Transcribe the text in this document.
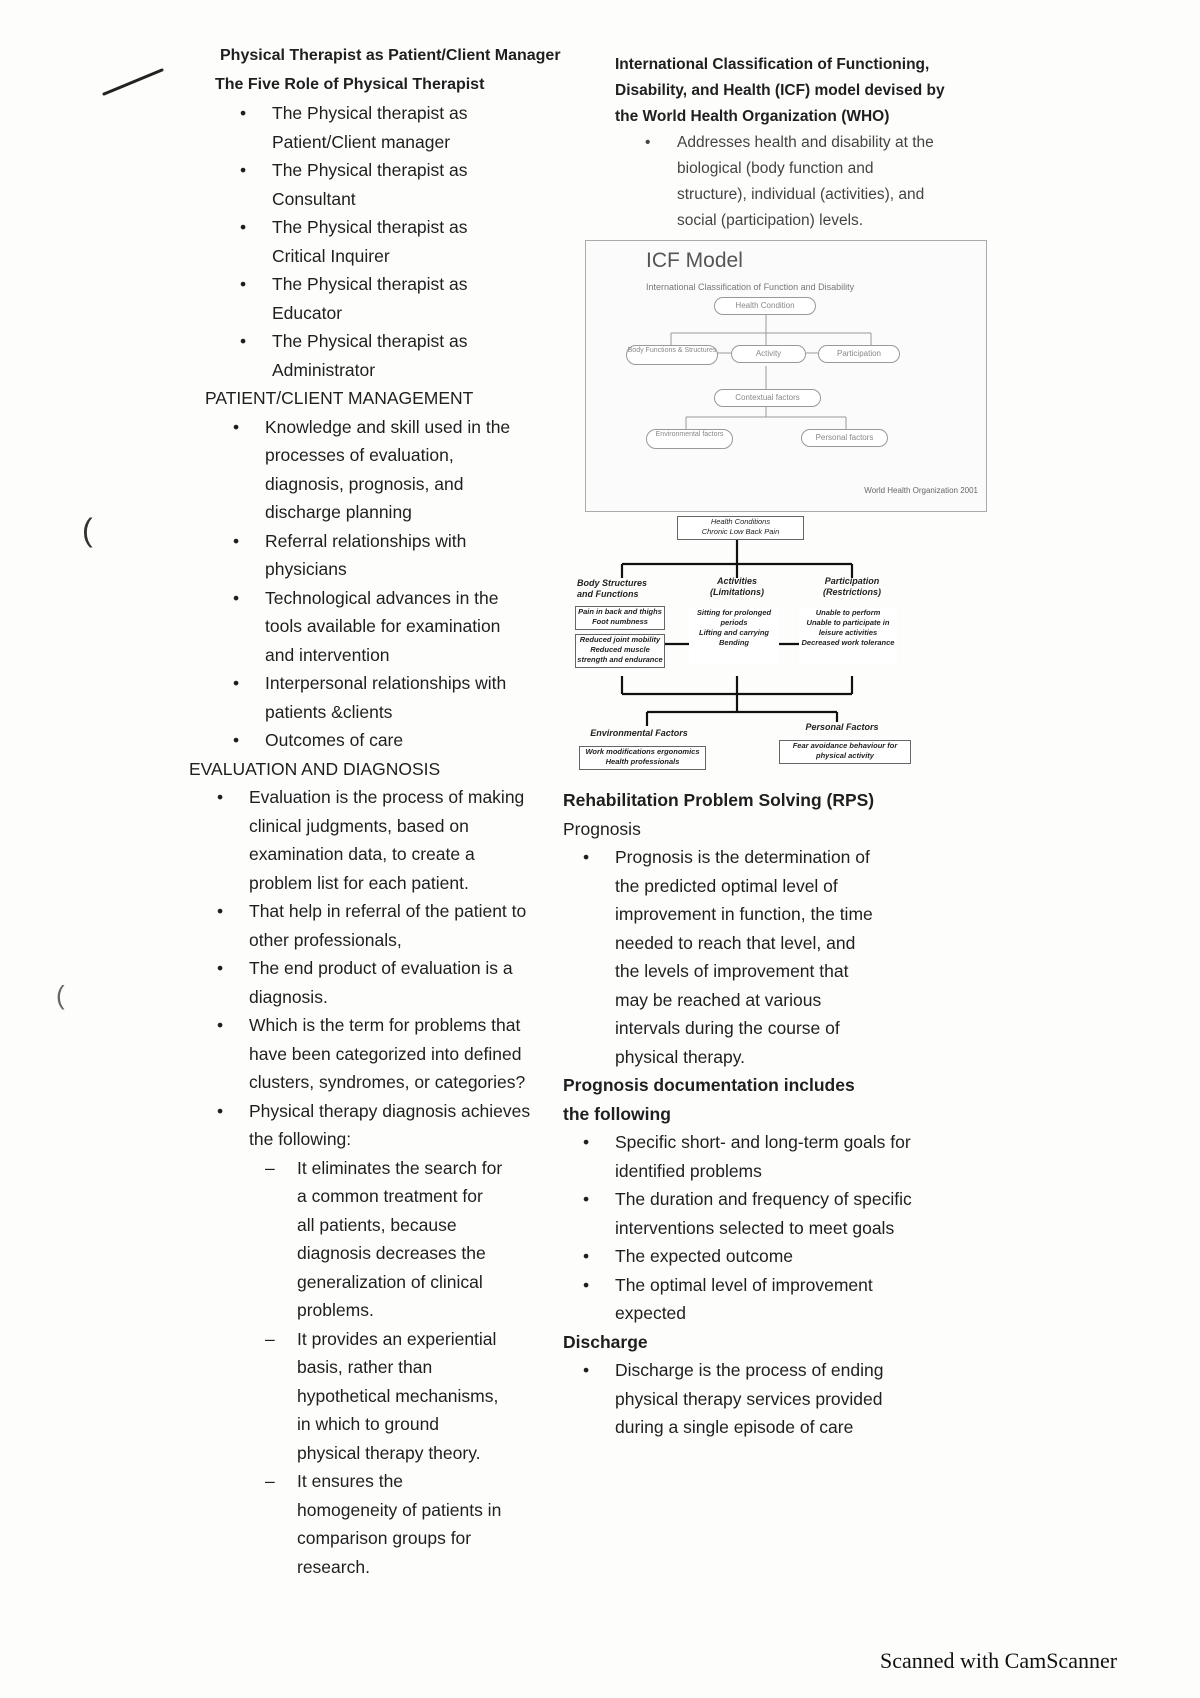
(
(

Physical Therapist as Patient/Client Manager

The Five Role of Physical Therapist

• The Physical therapist as Patient/Client manager
• The Physical therapist as Consultant
• The Physical therapist as Critical Inquirer
• The Physical therapist as Educator
• The Physical therapist as Administrator

PATIENT/CLIENT MANAGEMENT

• Knowledge and skill used in the processes of evaluation, diagnosis, prognosis, and discharge planning
• Referral relationships with physicians
• Technological advances in the tools available for examination and intervention
• Interpersonal relationships with patients &clients
• Outcomes of care

EVALUATION AND DIAGNOSIS

• Evaluation is the process of making clinical judgments, based on examination data, to create a problem list for each patient.
• That help in referral of the patient to other professionals,
• The end product of evaluation is a diagnosis.
• Which is the term for problems that have been categorized into defined clusters, syndromes, or categories?
• Physical therapy diagnosis achieves the following:
– It eliminates the search for a common treatment for all patients, because diagnosis decreases the generalization of clinical problems.
– It provides an experiential basis, rather than hypothetical mechanisms, in which to ground physical therapy theory.
– It ensures the homogeneity of patients in comparison groups for research.

International Classification of Functioning, Disability, and Health (ICF) model devised by the World Health Organization (WHO)

• Addresses health and disability at the biological (body function and structure), individual (activities), and social (participation) levels.
ICF Model
International Classification of Function and Disability
Health Condition
Body Functions & Structures	Activity	Participation
Contextual factors
Environmental factors	Personal factors
World Health Organization 2001
Health Conditions
Chronic Low Back Pain
Body Structures and Functions
Activities (Limitations)
Participation (Restrictions)
Pain in back and thighs
Foot numbness
Reduced joint mobility
Reduced muscle strength and endurance
Sitting for prolonged periods
Lifting and carrying
Bending
Unable to perform
Unable to participate in leisure activities
Decreased work tolerance
Environmental Factors
Personal Factors
Work modifications ergonomics
Health professionals
Fear avoidance behaviour for physical activity

Rehabilitation Problem Solving (RPS)

Prognosis

• Prognosis is the determination of the predicted optimal level of improvement in function, the time needed to reach that level, and the levels of improvement that may be reached at various intervals during the course of physical therapy.

Prognosis documentation includes the following

• Specific short- and long-term goals for identified problems
• The duration and frequency of specific interventions selected to meet goals
• The expected outcome
• The optimal level of improvement expected

Discharge

• Discharge is the process of ending physical therapy services provided during a single episode of care
Scanned with CamScanner
